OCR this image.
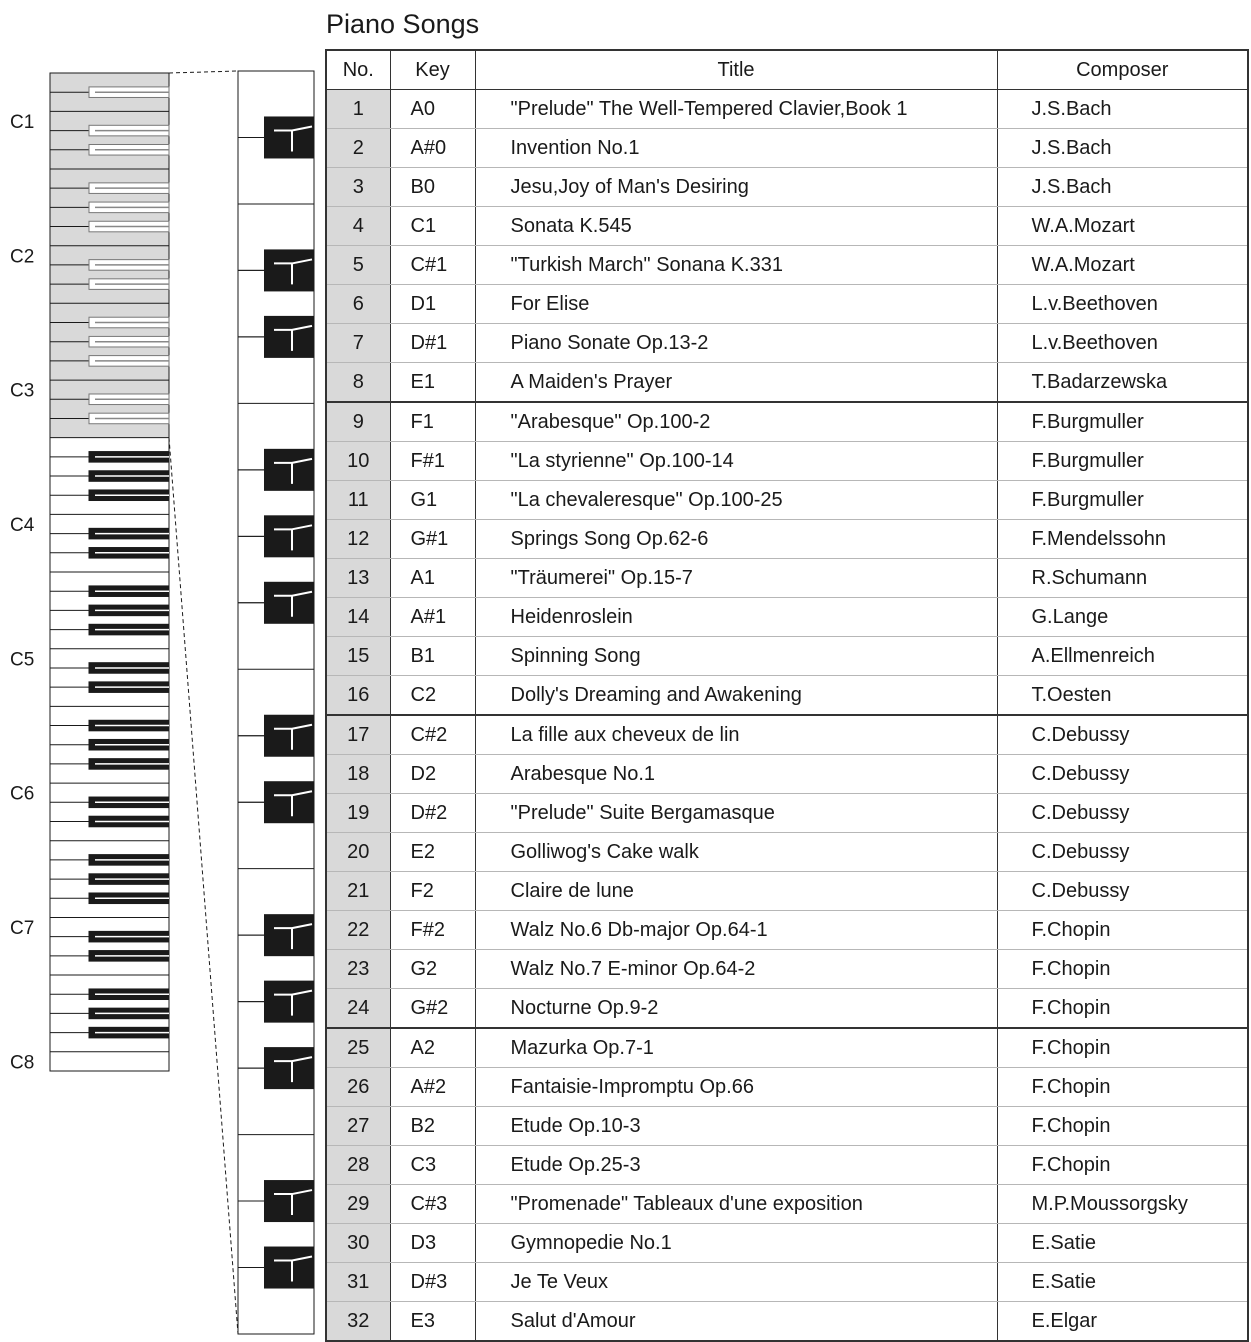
Piano Songs
C1
C2
C3
C4
C5
C6
C7
C8
No.	Key	Title	Composer
1	A0	"Prelude" The Well-Tempered Clavier,Book 1	J.S.Bach
2	A#0	Invention No.1	J.S.Bach
3	B0	Jesu,Joy of Man's Desiring	J.S.Bach
4	C1	Sonata K.545	W.A.Mozart
5	C#1	"Turkish March" Sonana K.331	W.A.Mozart
6	D1	For Elise	L.v.Beethoven
7	D#1	Piano Sonate Op.13-2	L.v.Beethoven
8	E1	A Maiden's Prayer	T.Badarzewska
9	F1	"Arabesque" Op.100-2	F.Burgmuller
10	F#1	"La styrienne" Op.100-14	F.Burgmuller
11	G1	"La chevaleresque" Op.100-25	F.Burgmuller
12	G#1	Springs Song Op.62-6	F.Mendelssohn
13	A1	"Träumerei" Op.15-7	R.Schumann
14	A#1	Heidenroslein	G.Lange
15	B1	Spinning Song	A.Ellmenreich
16	C2	Dolly's Dreaming and Awakening	T.Oesten
17	C#2	La fille aux cheveux de lin	C.Debussy
18	D2	Arabesque No.1	C.Debussy
19	D#2	"Prelude" Suite Bergamasque	C.Debussy
20	E2	Golliwog's Cake walk	C.Debussy
21	F2	Claire de lune	C.Debussy
22	F#2	Walz No.6 Db-major Op.64-1	F.Chopin
23	G2	Walz No.7 E-minor Op.64-2	F.Chopin
24	G#2	Nocturne Op.9-2	F.Chopin
25	A2	Mazurka Op.7-1	F.Chopin
26	A#2	Fantaisie-Impromptu Op.66	F.Chopin
27	B2	Etude Op.10-3	F.Chopin
28	C3	Etude Op.25-3	F.Chopin
29	C#3	"Promenade" Tableaux d'une exposition	M.P.Moussorgsky
30	D3	Gymnopedie No.1	E.Satie
31	D#3	Je Te Veux	E.Satie
32	E3	Salut d'Amour	E.Elgar
